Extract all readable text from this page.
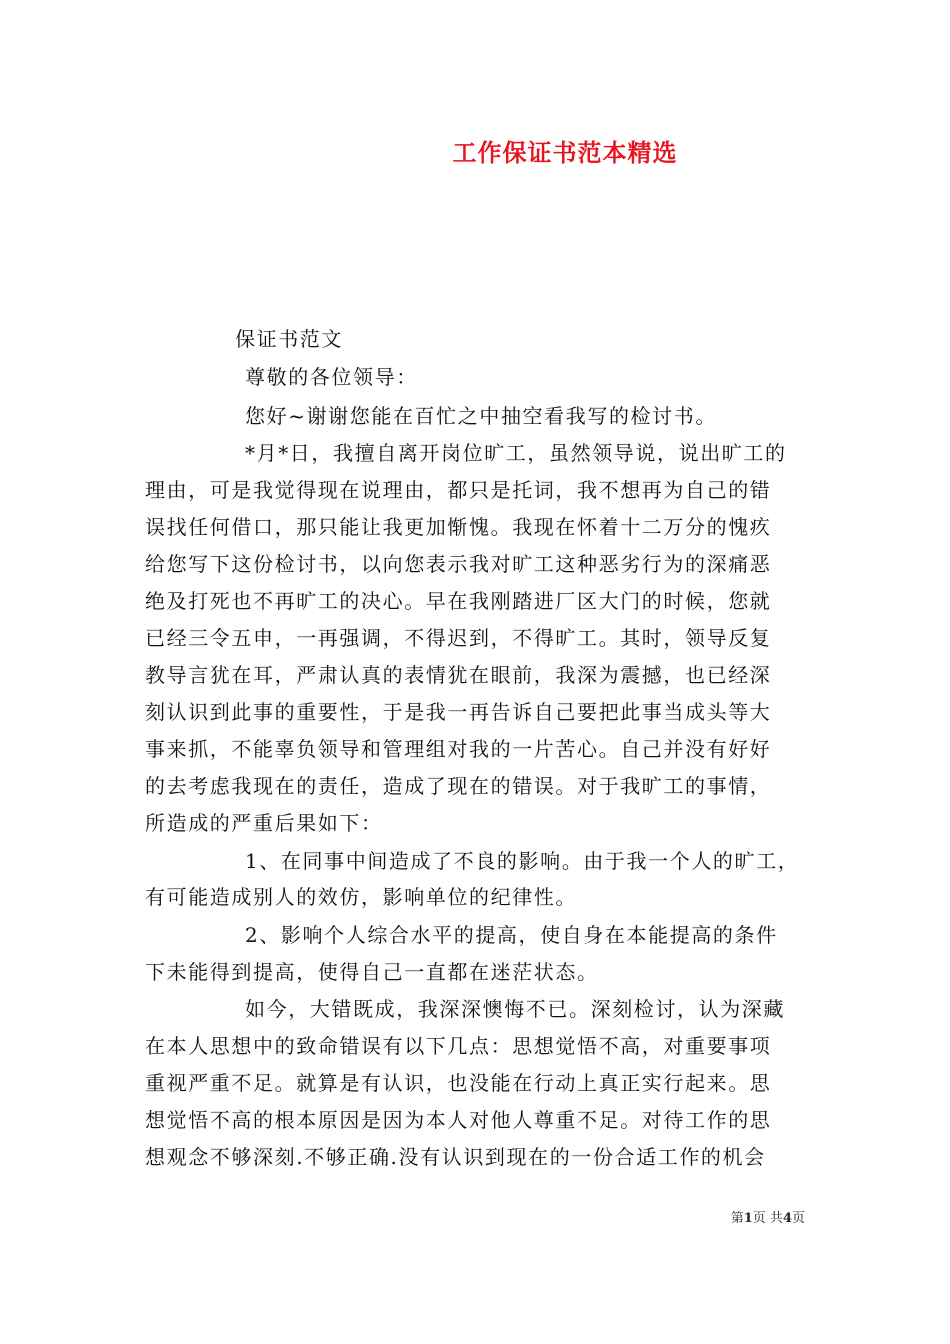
工作保证书范本精选
保证书范文
尊敬的各位领导：
您好~谢谢您能在百忙之中抽空看我写的检讨书。
*月*日，我擅自离开岗位旷工，虽然领导说，说出旷工的
理由，可是我觉得现在说理由，都只是托词，我不想再为自己的错
误找任何借口，那只能让我更加惭愧。我现在怀着十二万分的愧疚
给您写下这份检讨书，以向您表示我对旷工这种恶劣行为的深痛恶
绝及打死也不再旷工的决心。早在我刚踏进厂区大门的时候，您就
已经三令五申，一再强调，不得迟到，不得旷工。其时，领导反复
教导言犹在耳，严肃认真的表情犹在眼前，我深为震撼，也已经深
刻认识到此事的重要性，于是我一再告诉自己要把此事当成头等大
事来抓，不能辜负领导和管理组对我的一片苦心。自己并没有好好
的去考虑我现在的责任，造成了现在的错误。对于我旷工的事情，
所造成的严重后果如下：
1、在同事中间造成了不良的影响。由于我一个人的旷工，
有可能造成别人的效仿，影响单位的纪律性。
2、影响个人综合水平的提高，使自身在本能提高的条件
下未能得到提高，使得自己一直都在迷茫状态。
如今，大错既成，我深深懊悔不已。深刻检讨，认为深藏
在本人思想中的致命错误有以下几点：思想觉悟不高，对重要事项
重视严重不足。就算是有认识，也没能在行动上真正实行起来。思
想觉悟不高的根本原因是因为本人对他人尊重不足。对待工作的思
想观念不够深刻.不够正确.没有认识到现在的一份合适工作的机会
第1页 共4页
